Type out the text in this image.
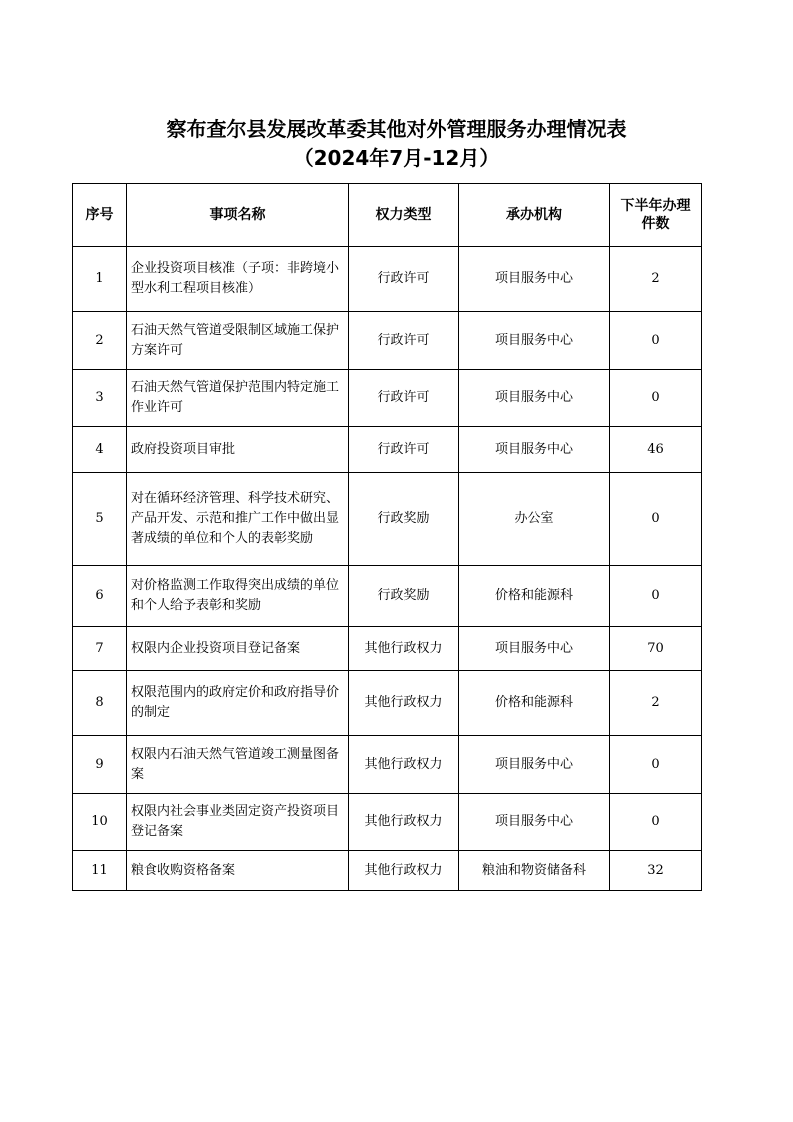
察布查尔县发展改革委其他对外管理服务办理情况表
（2024年7月-12月）
序号	事项名称	权力类型	承办机构	下半年办理件数
1	企业投资项目核准（子项：非跨境小型水利工程项目核准）	行政许可	项目服务中心	2
2	石油天然气管道受限制区域施工保护方案许可	行政许可	项目服务中心	0
3	石油天然气管道保护范围内特定施工作业许可	行政许可	项目服务中心	0
4	政府投资项目审批	行政许可	项目服务中心	46
5	对在循环经济管理、科学技术研究、产品开发、示范和推广工作中做出显著成绩的单位和个人的表彰奖励	行政奖励	办公室	0
6	对价格监测工作取得突出成绩的单位和个人给予表彰和奖励	行政奖励	价格和能源科	0
7	权限内企业投资项目登记备案	其他行政权力	项目服务中心	70
8	权限范围内的政府定价和政府指导价的制定	其他行政权力	价格和能源科	2
9	权限内石油天然气管道竣工测量图备案	其他行政权力	项目服务中心	0
10	权限内社会事业类固定资产投资项目登记备案	其他行政权力	项目服务中心	0
11	粮食收购资格备案	其他行政权力	粮油和物资储备科	32
